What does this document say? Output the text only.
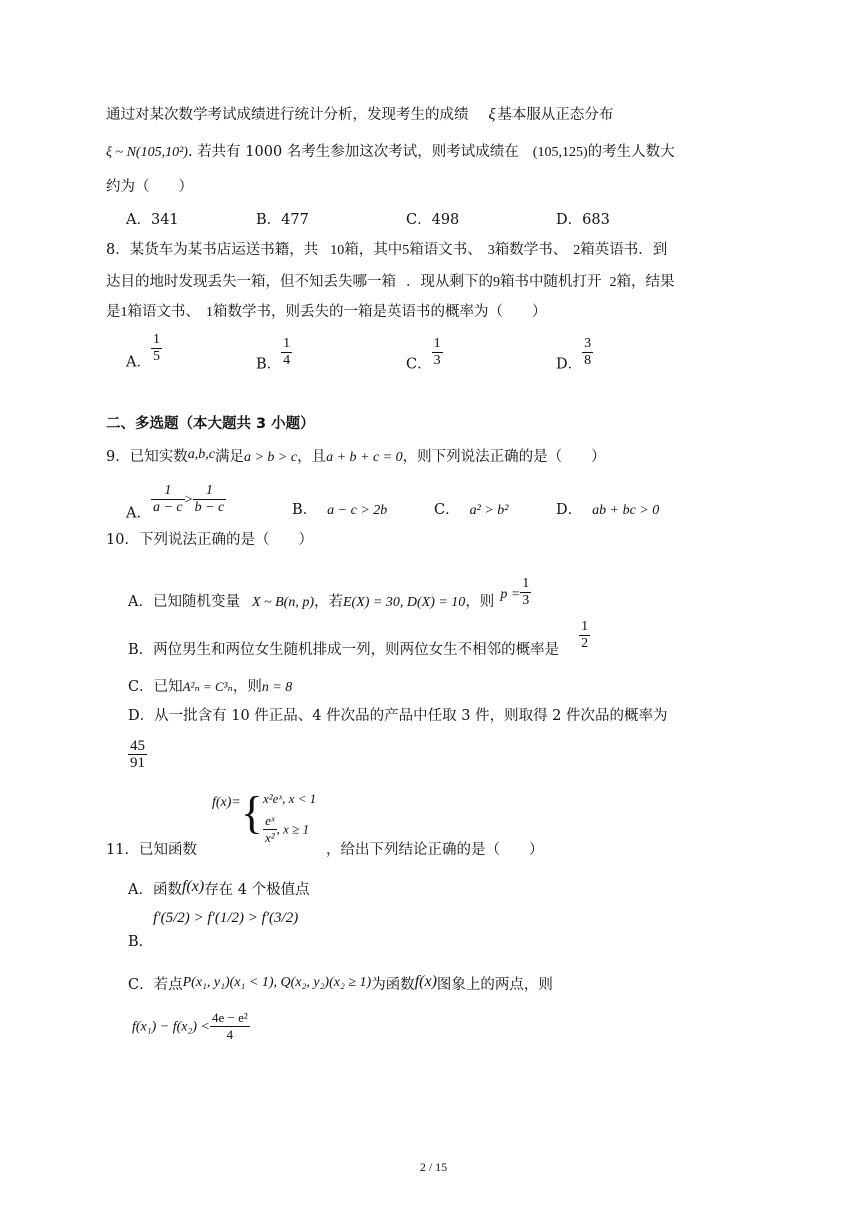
通过对某次数学考试成绩进行统计分析，发现考生的成绩 ξ 基本服从正态分布
ξ ~ N(105,10²). 若共有 1000 名考生参加这次考试，则考试成绩在 (105,125)的考生人数大
约为（　　）
A．341	B．477	C．498	D．683
8．某货车为某书店运送书籍，共 10箱，其中5箱语文书、 3箱数学书、 2箱英语书．到
达目的地时发现丢失一箱，但不知丢失哪一箱 ．现从剩下的9箱书中随机打开 2箱，结果
是1箱语文书、 1箱数学书，则丢失的一箱是英语书的概率为（　　）
A． $\frac{1}{5}$	B． $\frac{1}{4}$	C． $\frac{1}{3}$	D． $\frac{3}{8}$
二、多选题（本大题共 3 小题）
9．已知实数a,b,c满足a > b > c，且a + b + c = 0，则下列说法正确的是（　　）
A． $\frac{1}{a - c} > \frac{1}{b - c}$	B． a − c > 2b	C． a² > b²	D． ab + bc > 0
10．下列说法正确的是（　　）
A．已知随机变量 X ~ B(n, p)，若E(X) = 30, D(X) = 10，则 $p = \frac{1}{3}$
B．两位男生和两位女生随机排成一列，则两位女生不相邻的概率是 $\frac{1}{2}$
C．已知A²ₙ = C³ₙ，则n = 8
D．从一批含有 10 件正品、4 件次品的产品中任取 3 件，则取得 2 件次品的概率为
$\frac{45}{91}$
f(x)={ x²eˣ, x < 1
$\frac{\text{eˣ}}{\text{x²}}$ , x ≥ 1
11．已知函数	，给出下列结论正确的是（　　）
A．函数f(x)存在 4 个极值点
B．f′(5/2) > f′(1/2) > f′(3/2)
C．若点P(x₁, y₁)(x₁ < 1), Q(x₂, y₂)(x₂ ≥ 1)为函数f(x)图象上的两点，则
$f(x_1) - f(x_2) < \frac{\text{4e − e²}}{4}$
2 / 15
